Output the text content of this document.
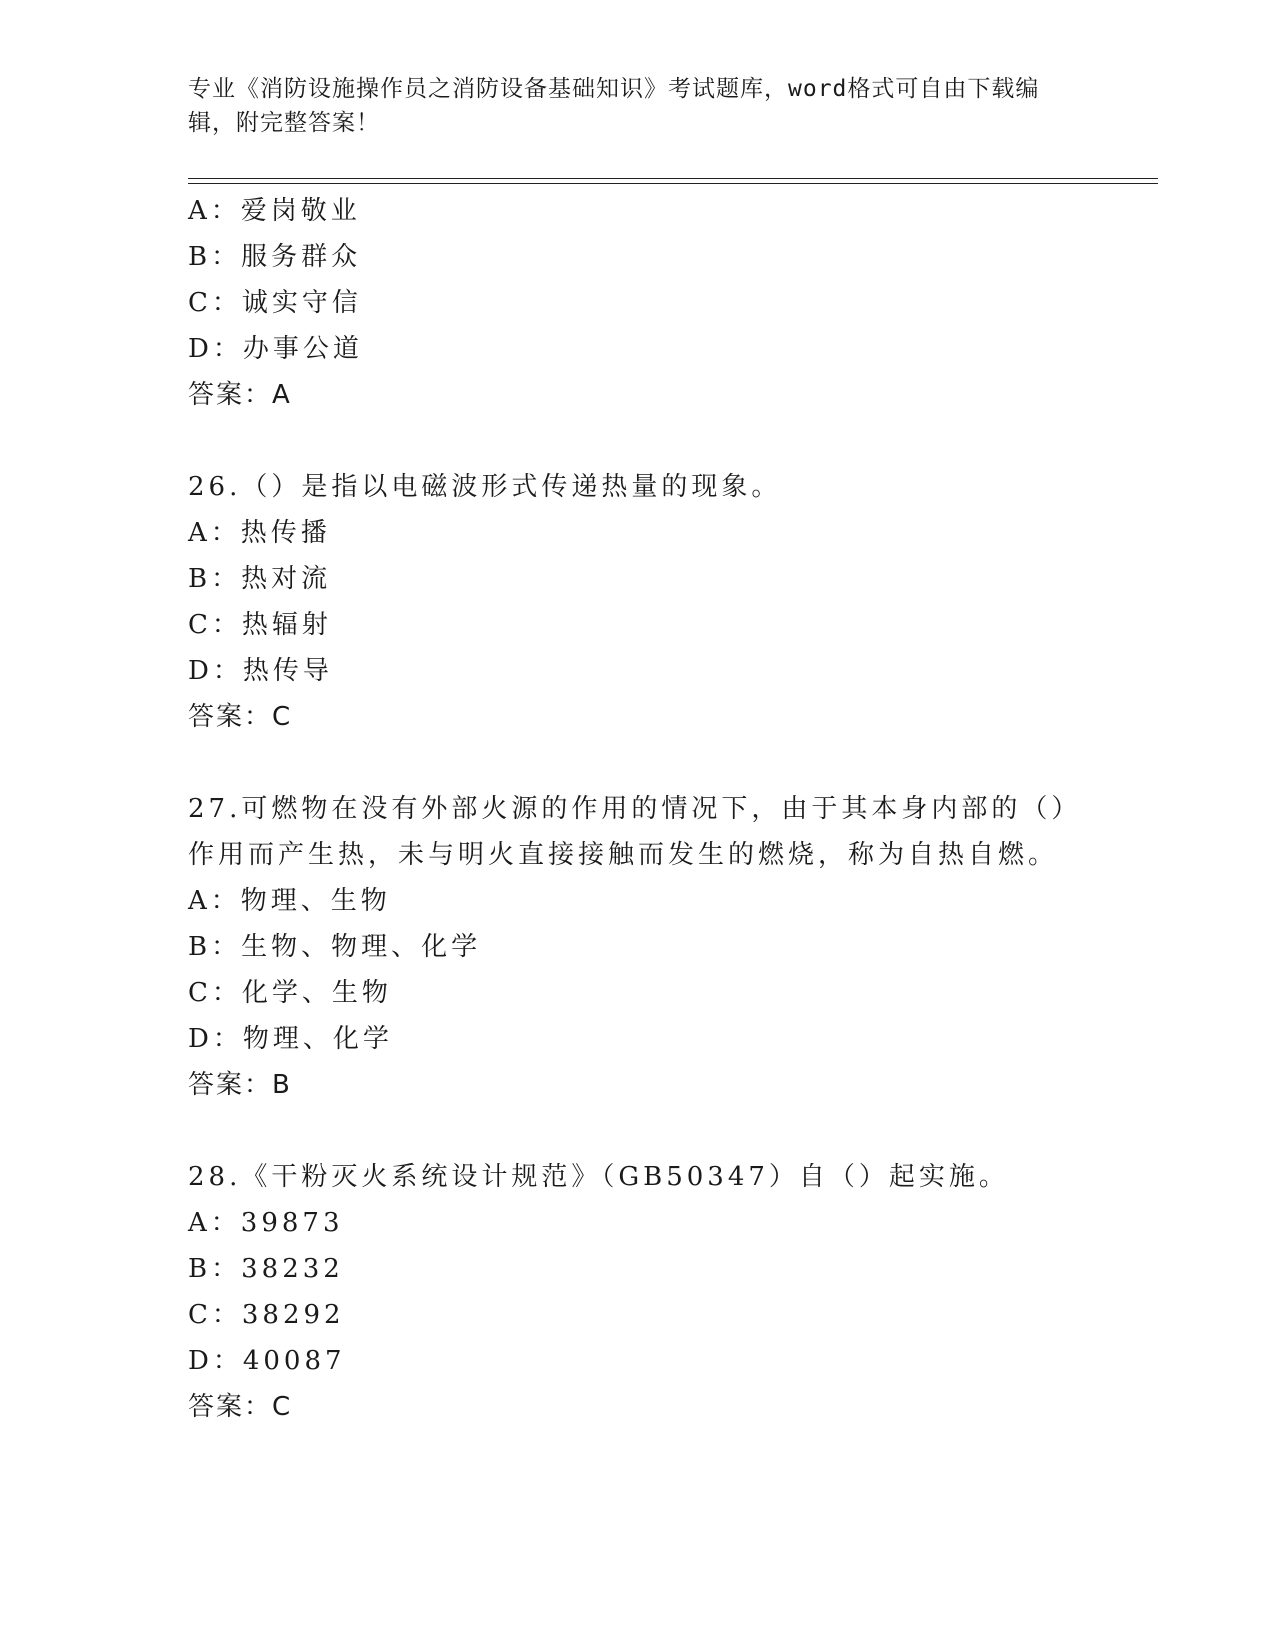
专业《消防设施操作员之消防设备基础知识》考试题库，word格式可自由下载编辑，附完整答案！
A：爱岗敬业
B：服务群众
C：诚实守信
D：办事公道
答案：A
26.（）是指以电磁波形式传递热量的现象。
A：热传播
B：热对流
C：热辐射
D：热传导
答案：C
27.可燃物在没有外部火源的作用的情况下，由于其本身内部的（）作用而产生热，未与明火直接接触而发生的燃烧，称为自热自燃。
A：物理、生物
B：生物、物理、化学
C：化学、生物
D：物理、化学
答案：B
28.《干粉灭火系统设计规范》（GB50347）自（）起实施。
A：39873
B：38232
C：38292
D：40087
答案：C
